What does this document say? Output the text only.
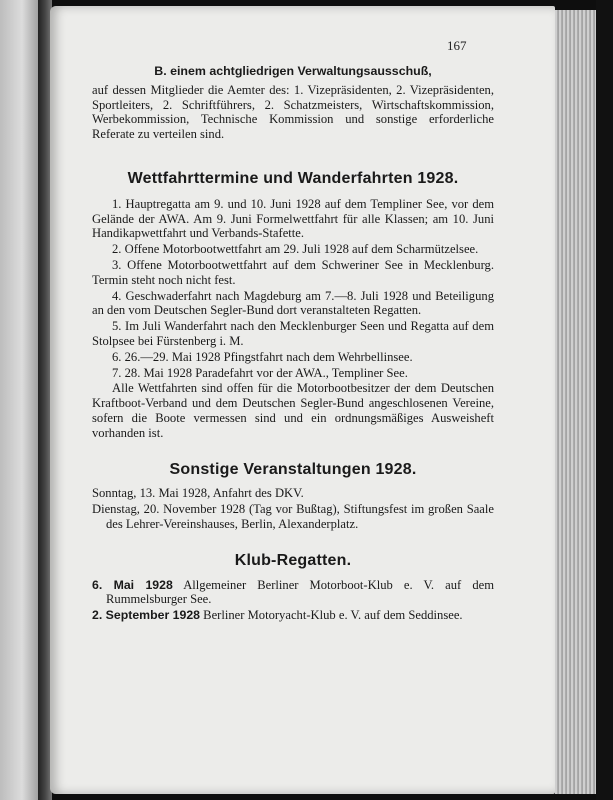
167
B. einem achtgliedrigen Verwaltungsausschuß,

auf dessen Mitglieder die Aemter des: 1. Vizepräsidenten, 2. Vizepräsidenten, Sportleiters, 2. Schriftführers, 2. Schatzmeisters, Wirtschaftskommission, Werbekommission, Technische Kommission und sonstige erforderliche Referate zu verteilen sind.

Wettfahrttermine und Wanderfahrten 1928.

1. Hauptregatta am 9. und 10. Juni 1928 auf dem Templiner See, vor dem Gelände der AWA. Am 9. Juni Formelwettfahrt für alle Klassen; am 10. Juni Handikapwettfahrt und Verbands-Stafette.

2. Offene Motorbootwettfahrt am 29. Juli 1928 auf dem Scharmützelsee.

3. Offene Motorbootwettfahrt auf dem Schweriner See in Mecklenburg. Termin steht noch nicht fest.

4. Geschwaderfahrt nach Magdeburg am 7.—8. Juli 1928 und Beteiligung an den vom Deutschen Segler-Bund dort veranstalteten Regatten.

5. Im Juli Wanderfahrt nach den Mecklenburger Seen und Regatta auf dem Stolpsee bei Fürstenberg i. M.

6. 26.—29. Mai 1928 Pfingstfahrt nach dem Wehrbellinsee.

7. 28. Mai 1928 Paradefahrt vor der AWA., Templiner See.

Alle Wettfahrten sind offen für die Motorbootbesitzer der dem Deutschen Kraftboot-Verband und dem Deutschen Segler-Bund angeschlosenen Vereine, sofern die Boote vermessen sind und ein ordnungsmäßiges Ausweisheft vorhanden ist.

Sonstige Veranstaltungen 1928.

Sonntag, 13. Mai 1928, Anfahrt des DKV.

Dienstag, 20. November 1928 (Tag vor Bußtag), Stiftungsfest im großen Saale des Lehrer-Vereinshauses, Berlin, Alexanderplatz.

Klub-Regatten.

6. Mai 1928 Allgemeiner Berliner Motorboot-Klub e. V. auf dem Rummelsburger See.

2. September 1928 Berliner Motoryacht-Klub e. V. auf dem Seddinsee.
